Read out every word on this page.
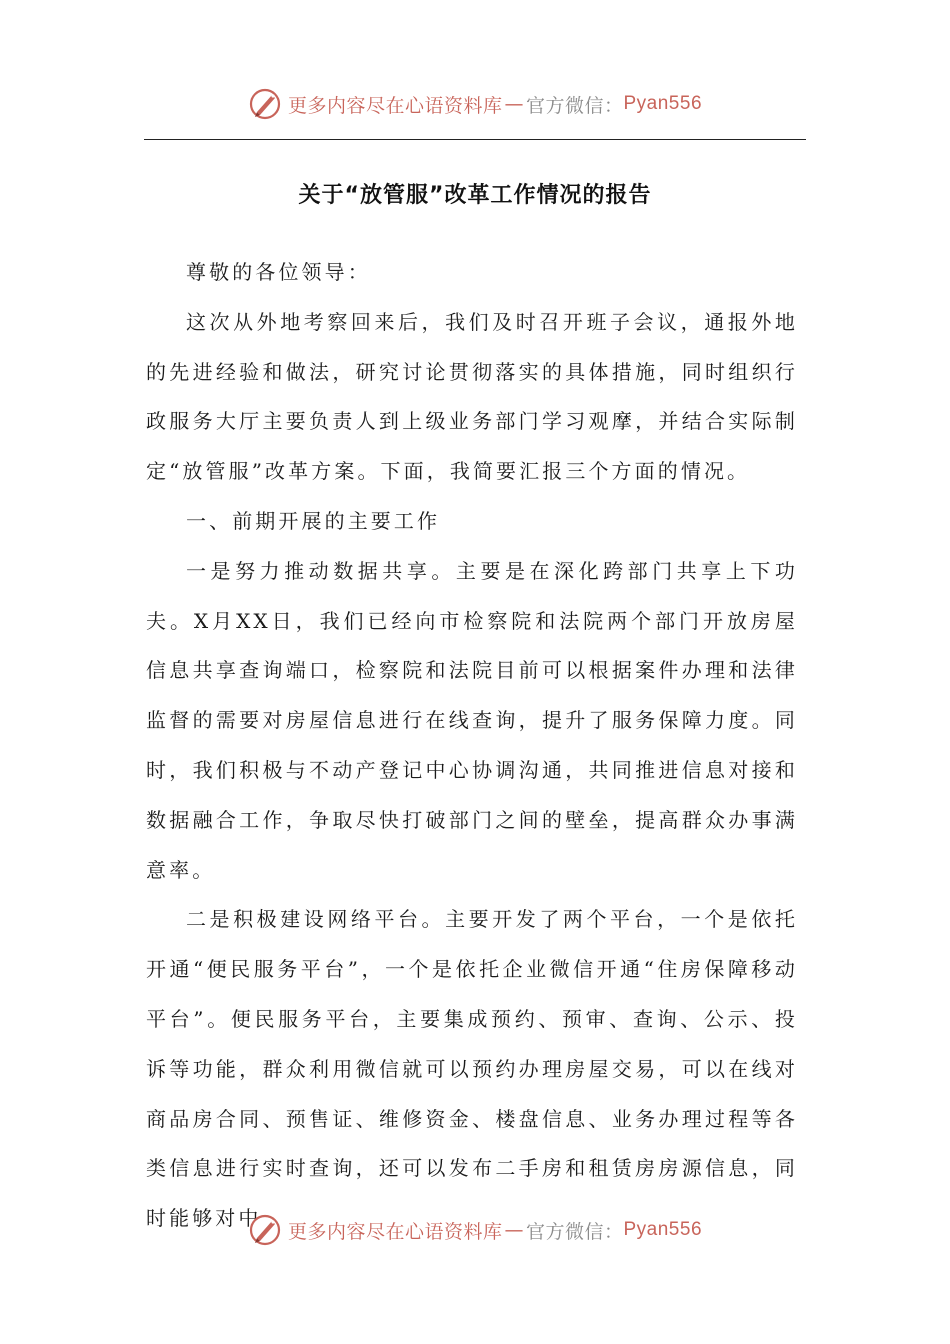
更多内容尽在心语资料库 — 官方微信： Pyan556
关于“放管服”改革工作情况的报告

尊敬的各位领导：

这次从外地考察回来后，我们及时召开班子会议，通报外地的先进经验和做法，研究讨论贯彻落实的具体措施，同时组织行政服务大厅主要负责人到上级业务部门学习观摩，并结合实际制定“放管服”改革方案。下面，我简要汇报三个方面的情况。

一、前期开展的主要工作

一是努力推动数据共享。主要是在深化跨部门共享上下功夫。X月XX日，我们已经向市检察院和法院两个部门开放房屋信息共享查询端口，检察院和法院目前可以根据案件办理和法律监督的需要对房屋信息进行在线查询，提升了服务保障力度。同时，我们积极与不动产登记中心协调沟通，共同推进信息对接和数据融合工作，争取尽快打破部门之间的壁垒，提高群众办事满意率。

二是积极建设网络平台。主要开发了两个平台，一个是依托开通“便民服务平台”，一个是依托企业微信开通“住房保障移动平台”。便民服务平台，主要集成预约、预审、查询、公示、投诉等功能，群众利用微信就可以预约办理房屋交易，可以在线对商品房合同、预售证、维修资金、楼盘信息、业务办理过程等各类信息进行实时查询，还可以发布二手房和租赁房房源信息，同时能够对中

更多内容尽在心语资料库 — 官方微信： Pyan556
